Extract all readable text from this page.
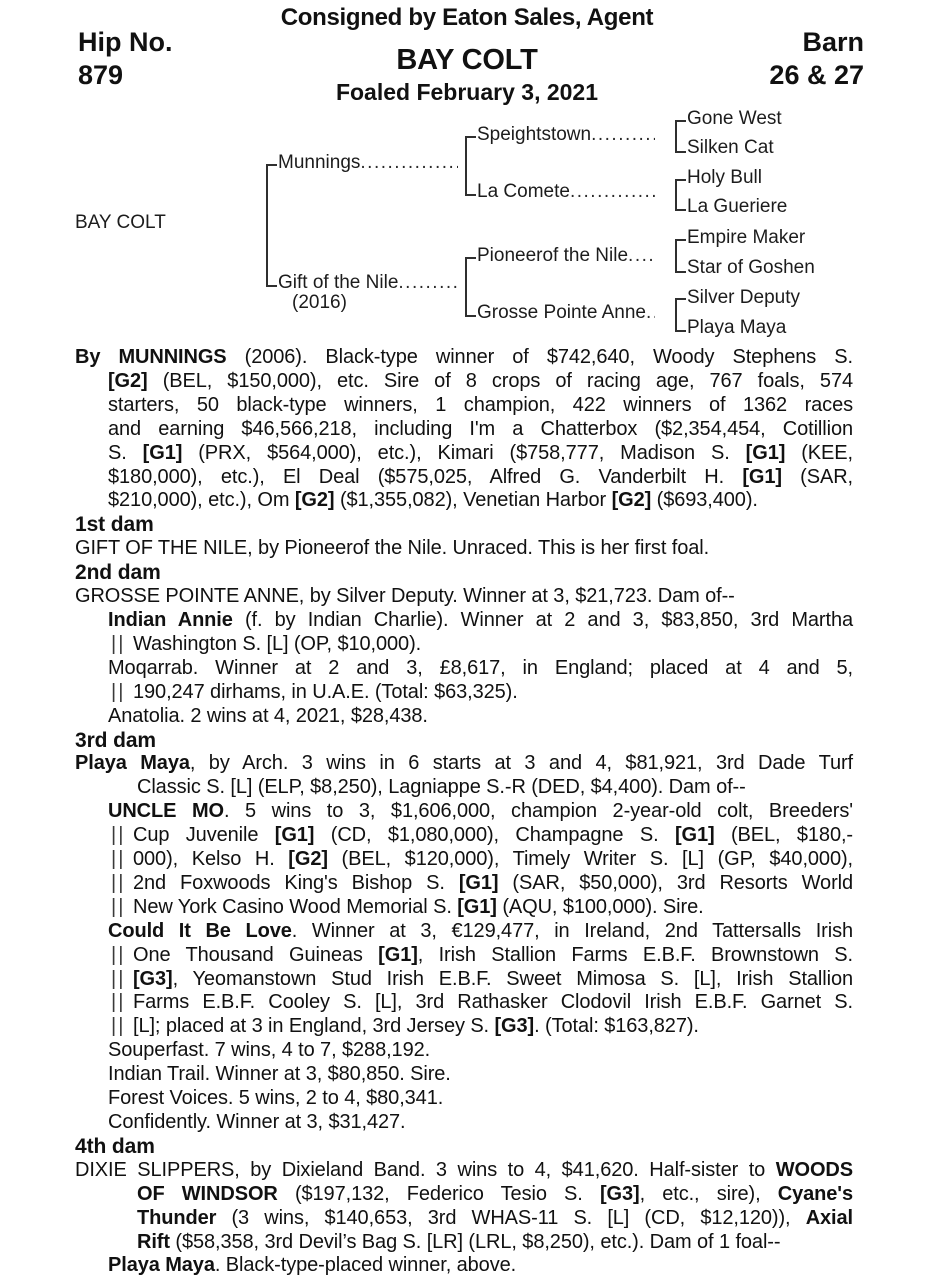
Consigned by Eaton Sales, Agent
Hip No.
879
Barn
26 & 27
BAY COLT
Foaled February 3, 2021
BAY COLT
Munnings
.....
Gift of the Nile
.....
(2016)
Speightstown
.....
La Comete
.....
Pioneerof the Nile
.....
Grosse Pointe Anne
.....
Gone West
Silken Cat
Holy Bull
La Gueriere
Empire Maker
Star of Goshen
Silver Deputy
Playa Maya
By MUNNINGS (2006). Black-type winner of $742,640, Woody Stephens S.
[G2] (BEL, $150,000), etc. Sire of 8 crops of racing age, 767 foals, 574
starters, 50 black-type winners, 1 champion, 422 winners of 1362 races
and earning $46,566,218, including I'm a Chatterbox ($2,354,454, Cotillion
S. [G1] (PRX, $564,000), etc.), Kimari ($758,777, Madison S. [G1] (KEE,
$180,000), etc.), El Deal ($575,025, Alfred G. Vanderbilt H. [G1] (SAR,
$210,000), etc.), Om [G2] ($1,355,082), Venetian Harbor [G2] ($693,400).
1st dam
GIFT OF THE NILE, by Pioneerof the Nile. Unraced. This is her first foal.
2nd dam
GROSSE POINTE ANNE, by Silver Deputy. Winner at 3, $21,723. Dam of--
Indian Annie (f. by Indian Charlie). Winner at 2 and 3, $83,850, 3rd Martha
|| Washington S. [L] (OP, $10,000).
Moqarrab. Winner at 2 and 3, £8,617, in England; placed at 4 and 5,
|| 190,247 dirhams, in U.A.E. (Total: $63,325).
Anatolia. 2 wins at 4, 2021, $28,438.
3rd dam
Playa Maya, by Arch. 3 wins in 6 starts at 3 and 4, $81,921, 3rd Dade Turf
Classic S. [L] (ELP, $8,250), Lagniappe S.-R (DED, $4,400). Dam of--
UNCLE MO. 5 wins to 3, $1,606,000, champion 2-year-old colt, Breeders'
|| Cup Juvenile [G1] (CD, $1,080,000), Champagne S. [G1] (BEL, $180,-
|| 000), Kelso H. [G2] (BEL, $120,000), Timely Writer S. [L] (GP, $40,000),
|| 2nd Foxwoods King's Bishop S. [G1] (SAR, $50,000), 3rd Resorts World
|| New York Casino Wood Memorial S. [G1] (AQU, $100,000). Sire.
Could It Be Love. Winner at 3, €129,477, in Ireland, 2nd Tattersalls Irish
|| One Thousand Guineas [G1], Irish Stallion Farms E.B.F. Brownstown S.
|| [G3], Yeomanstown Stud Irish E.B.F. Sweet Mimosa S. [L], Irish Stallion
|| Farms E.B.F. Cooley S. [L], 3rd Rathasker Clodovil Irish E.B.F. Garnet S.
|| [L]; placed at 3 in England, 3rd Jersey S. [G3]. (Total: $163,827).
Souperfast. 7 wins, 4 to 7, $288,192.
Indian Trail. Winner at 3, $80,850. Sire.
Forest Voices. 5 wins, 2 to 4, $80,341.
Confidently. Winner at 3, $31,427.
4th dam
DIXIE SLIPPERS, by Dixieland Band. 3 wins to 4, $41,620. Half-sister to WOODS
OF WINDSOR ($197,132, Federico Tesio S. [G3], etc., sire), Cyane's
Thunder (3 wins, $140,653, 3rd WHAS-11 S. [L] (CD, $12,120)), Axial
Rift ($58,358, 3rd Devil’s Bag S. [LR] (LRL, $8,250), etc.). Dam of 1 foal--
Playa Maya. Black-type-placed winner, above.
